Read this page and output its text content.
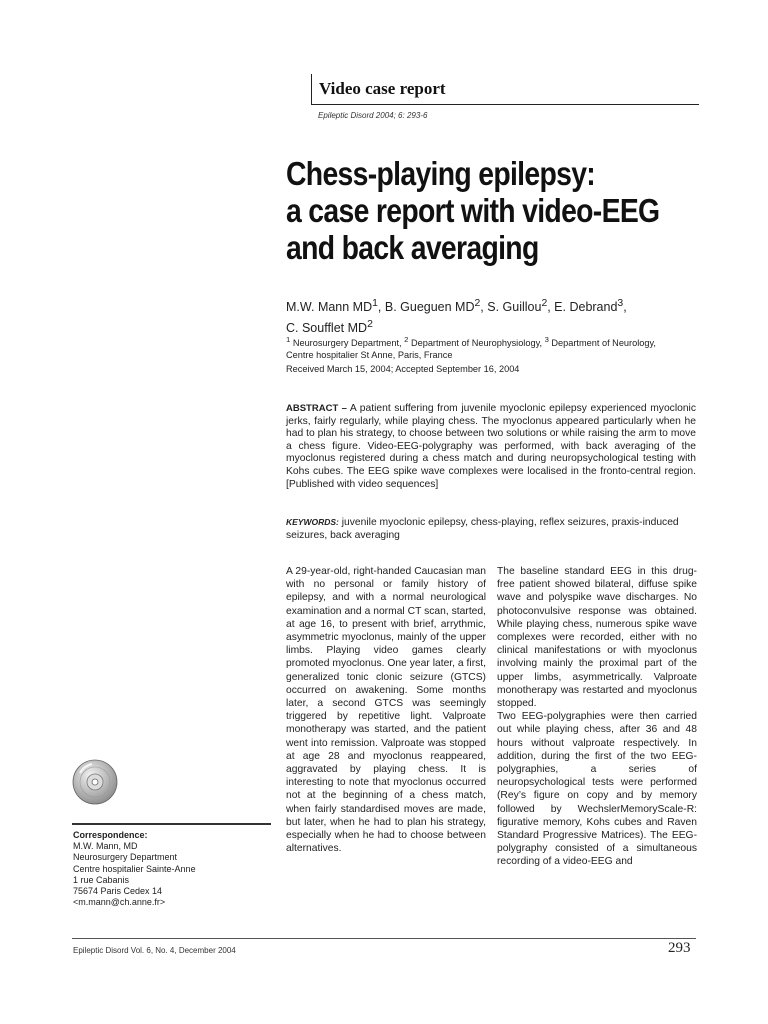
Video case report
Epileptic Disord 2004; 6: 293-6
Chess-playing epilepsy:
a case report with video-EEG
and back averaging
M.W. Mann $MD^1$, B. Gueguen $MD^2$, S. Guillou$^2$, E. Debrand$^3$,
C. Soufflet $MD^2$
$^1$ Neurosurgery Department, $^2$ Department of Neurophysiology, $^3$ Department of Neurology,
Centre hospitalier St Anne, Paris, France
Received March 15, 2004; Accepted September 16, 2004
ABSTRACT – A patient suffering from juvenile myoclonic epilepsy experienced myoclonic jerks, fairly regularly, while playing chess. The myoclonus appeared particularly when he had to plan his strategy, to choose between two solutions or while raising the arm to move a chess figure. Video-EEG-polygraphy was performed, with back averaging of the myoclonus registered during a chess match and during neuropsychological testing with Kohs cubes. The EEG spike wave complexes were localised in the fronto-central region. [Published with video sequences]
KEYWORDS: juvenile myoclonic epilepsy, chess-playing, reflex seizures, praxis-induced seizures, back averaging

A 29-year-old, right-handed Caucasian man with no personal or family history of epilepsy, and with a normal neurological examination and a normal CT scan, started, at age 16, to present with brief, arrythmic, asymmetric myoclonus, mainly of the upper limbs. Playing video games clearly promoted myoclonus. One year later, a first, generalized tonic clonic seizure (GTCS) occurred on awakening. Some months later, a second GTCS was seemingly triggered by repetitive light. Valproate monotherapy was started, and the patient went into remission. Valproate was stopped at age 28 and myoclonus reappeared, aggravated by playing chess. It is interesting to note that myoclonus occurred not at the beginning of a chess match, when fairly standardised moves are made, but later, when he had to plan his strategy, especially when he had to choose between alternatives.

The baseline standard EEG in this drug-free patient showed bilateral, diffuse spike wave and polyspike wave discharges. No photoconvulsive response was obtained. While playing chess, numerous spike wave complexes were recorded, either with no clinical manifestations or with myoclonus involving mainly the proximal part of the upper limbs, asymmetrically. Valproate monotherapy was restarted and myoclonus stopped.

Two EEG-polygraphies were then carried out while playing chess, after 36 and 48 hours without valproate respectively. In addition, during the first of the two EEG-polygraphies, a series of neuropsychological tests were performed (Rey’s figure on copy and by memory followed by WechslerMemoryScale-R: figurative memory, Kohs cubes and Raven Standard Progressive Matrices). The EEG-polygraphy consisted of a simultaneous recording of a video-EEG and

Correspondence:
M.W. Mann, MD
Neurosurgery Department
Centre hospitalier Sainte-Anne
1 rue Cabanis
75674 Paris Cedex 14
<m.mann@ch.anne.fr>
Epileptic Disord Vol. 6, No. 4, December 2004	293
